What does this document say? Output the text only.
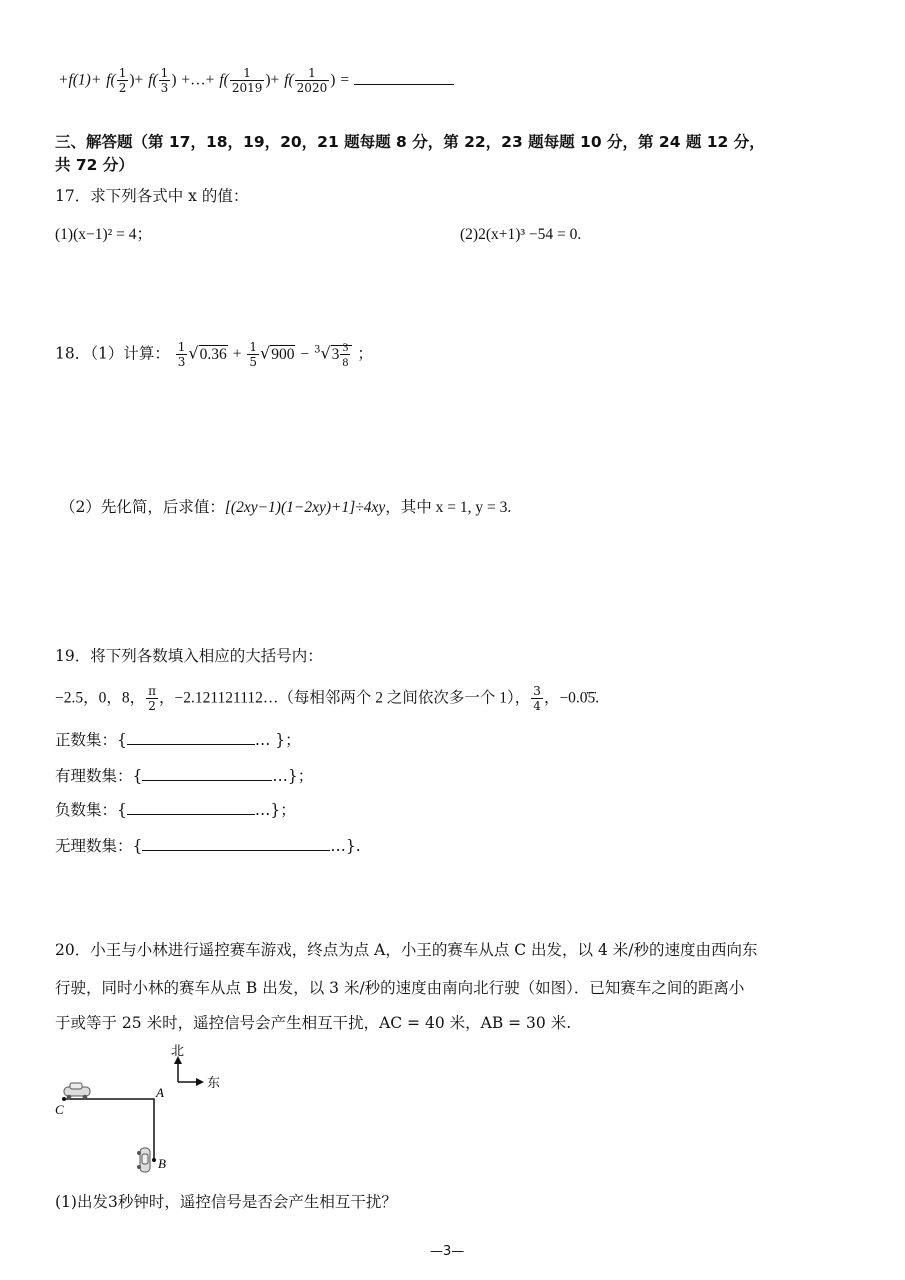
$+f(1)+ f( \frac{1}{2}$ )+ $f( \frac{1}{3}$ ) +…+ $f( \frac{1}{2019}$ )+ $f( \frac{1}{2020}$ ) =
三、解答题（第 17，18，19，20，21 题每题 8 分，第 22，23 题每题 10 分，第 24 题 12 分，
共 72 分）
17．求下列各式中 x 的值：
(1)(x−1)² = 4；	(2)2(x+1)³ −54 = 0.
18．（1）计算： $\frac{1}{3} √0.36 + \frac{1}{5} √900 - ^3√3 \frac{3}{8}$ ；
（2）先化简，后求值：[(2xy−1)(1−2xy)+1]÷4xy，其中 x = 1, y = 3.
19．将下列各数填入相应的大括号内：
−2.5，0，8， $\frac{\pi}{2}$ ，−2.121121112…（每相邻两个 2 之间依次多一个 1）， $\frac{3}{4}$ ，−0.0̇5̇.
正数集：{	… }；
有理数集：{	…}；
负数集：{	…}；
无理数集：{	…}.
20．小王与小林进行遥控赛车游戏，终点为点 A，小王的赛车从点 C 出发，以 4 米/秒的速度由西向东
行驶，同时小林的赛车从点 B 出发，以 3 米/秒的速度由南向北行驶（如图）．已知赛车之间的距离小
于或等于 25 米时，遥控信号会产生相互干扰，AC = 40 米，AB = 30 米.
北
东
A
C
B
(1)出发3秒钟时，遥控信号是否会产生相互干扰？
—3—
